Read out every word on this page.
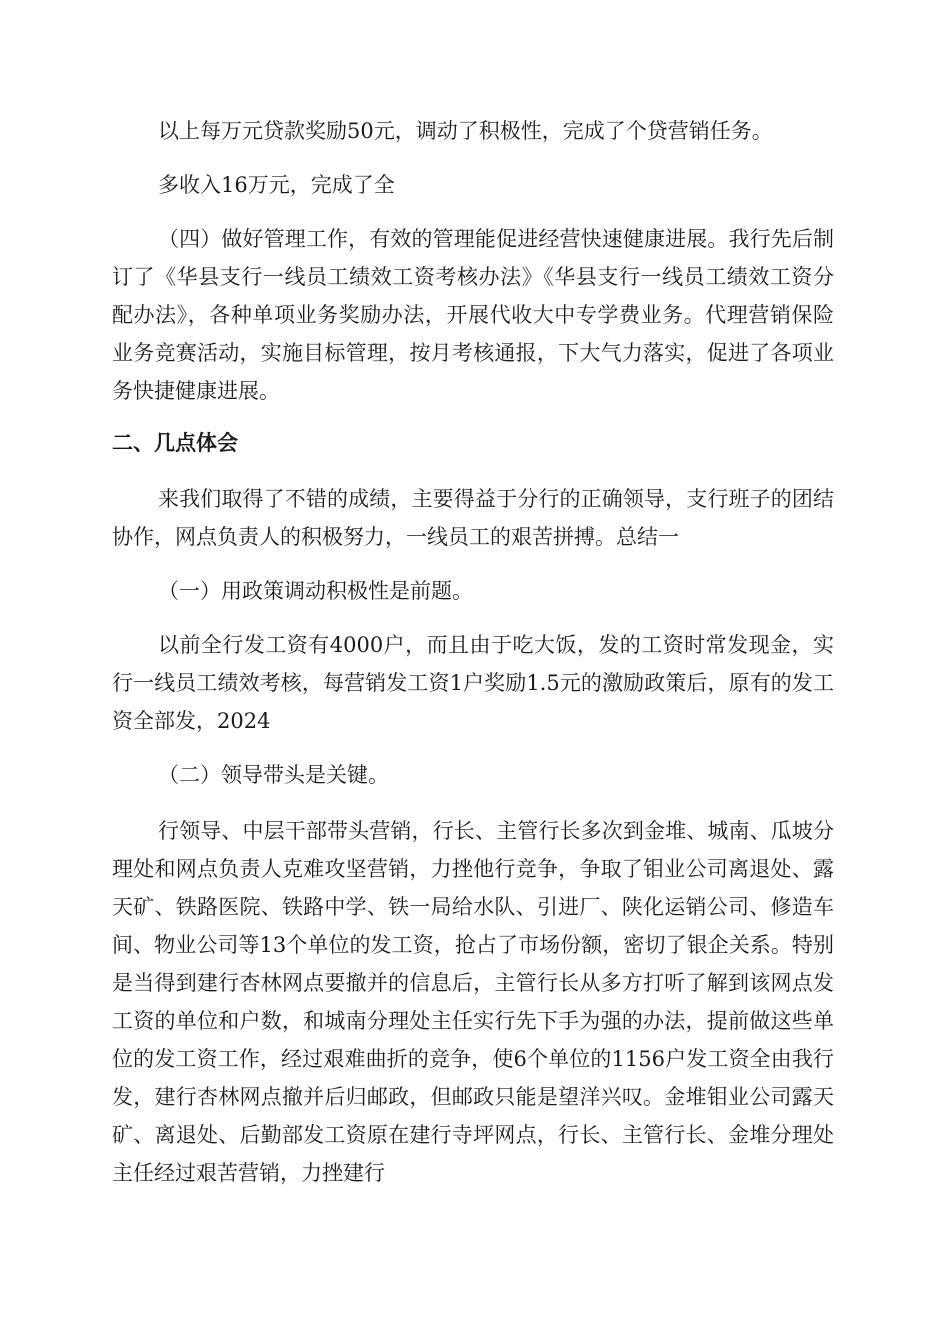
以上每万元贷款奖励50元，调动了积极性，完成了个贷营销任务。

多收入16万元，完成了全

（四）做好管理工作，有效的管理能促进经营快速健康进展。我行先后制订了《华县支行一线员工绩效工资考核办法》《华县支行一线员工绩效工资分配办法》，各种单项业务奖励办法，开展代收大中专学费业务。代理营销保险业务竞赛活动，实施目标管理，按月考核通报，下大气力落实，促进了各项业务快捷健康进展。

二、几点体会

来我们取得了不错的成绩，主要得益于分行的正确领导，支行班子的团结协作，网点负责人的积极努力，一线员工的艰苦拼搏。总结一

（一）用政策调动积极性是前题。

以前全行发工资有4000户，而且由于吃大饭，发的工资时常发现金，实行一线员工绩效考核，每营销发工资1户奖励1.5元的激励政策后，原有的发工资全部发，2024

（二）领导带头是关键。

行领导、中层干部带头营销，行长、主管行长多次到金堆、城南、瓜坡分理处和网点负责人克难攻坚营销，力挫他行竞争，争取了钼业公司离退处、露天矿、铁路医院、铁路中学、铁一局给水队、引进厂、陕化运销公司、修造车间、物业公司等13个单位的发工资，抢占了市场份额，密切了银企关系。特别是当得到建行杏林网点要撤并的信息后，主管行长从多方打听了解到该网点发工资的单位和户数，和城南分理处主任实行先下手为强的办法，提前做这些单位的发工资工作，经过艰难曲折的竞争，使6个单位的1156户发工资全由我行发，建行杏林网点撤并后归邮政，但邮政只能是望洋兴叹。金堆钼业公司露天矿、离退处、后勤部发工资原在建行寺坪网点，行长、主管行长、金堆分理处主任经过艰苦营销，力挫建行
